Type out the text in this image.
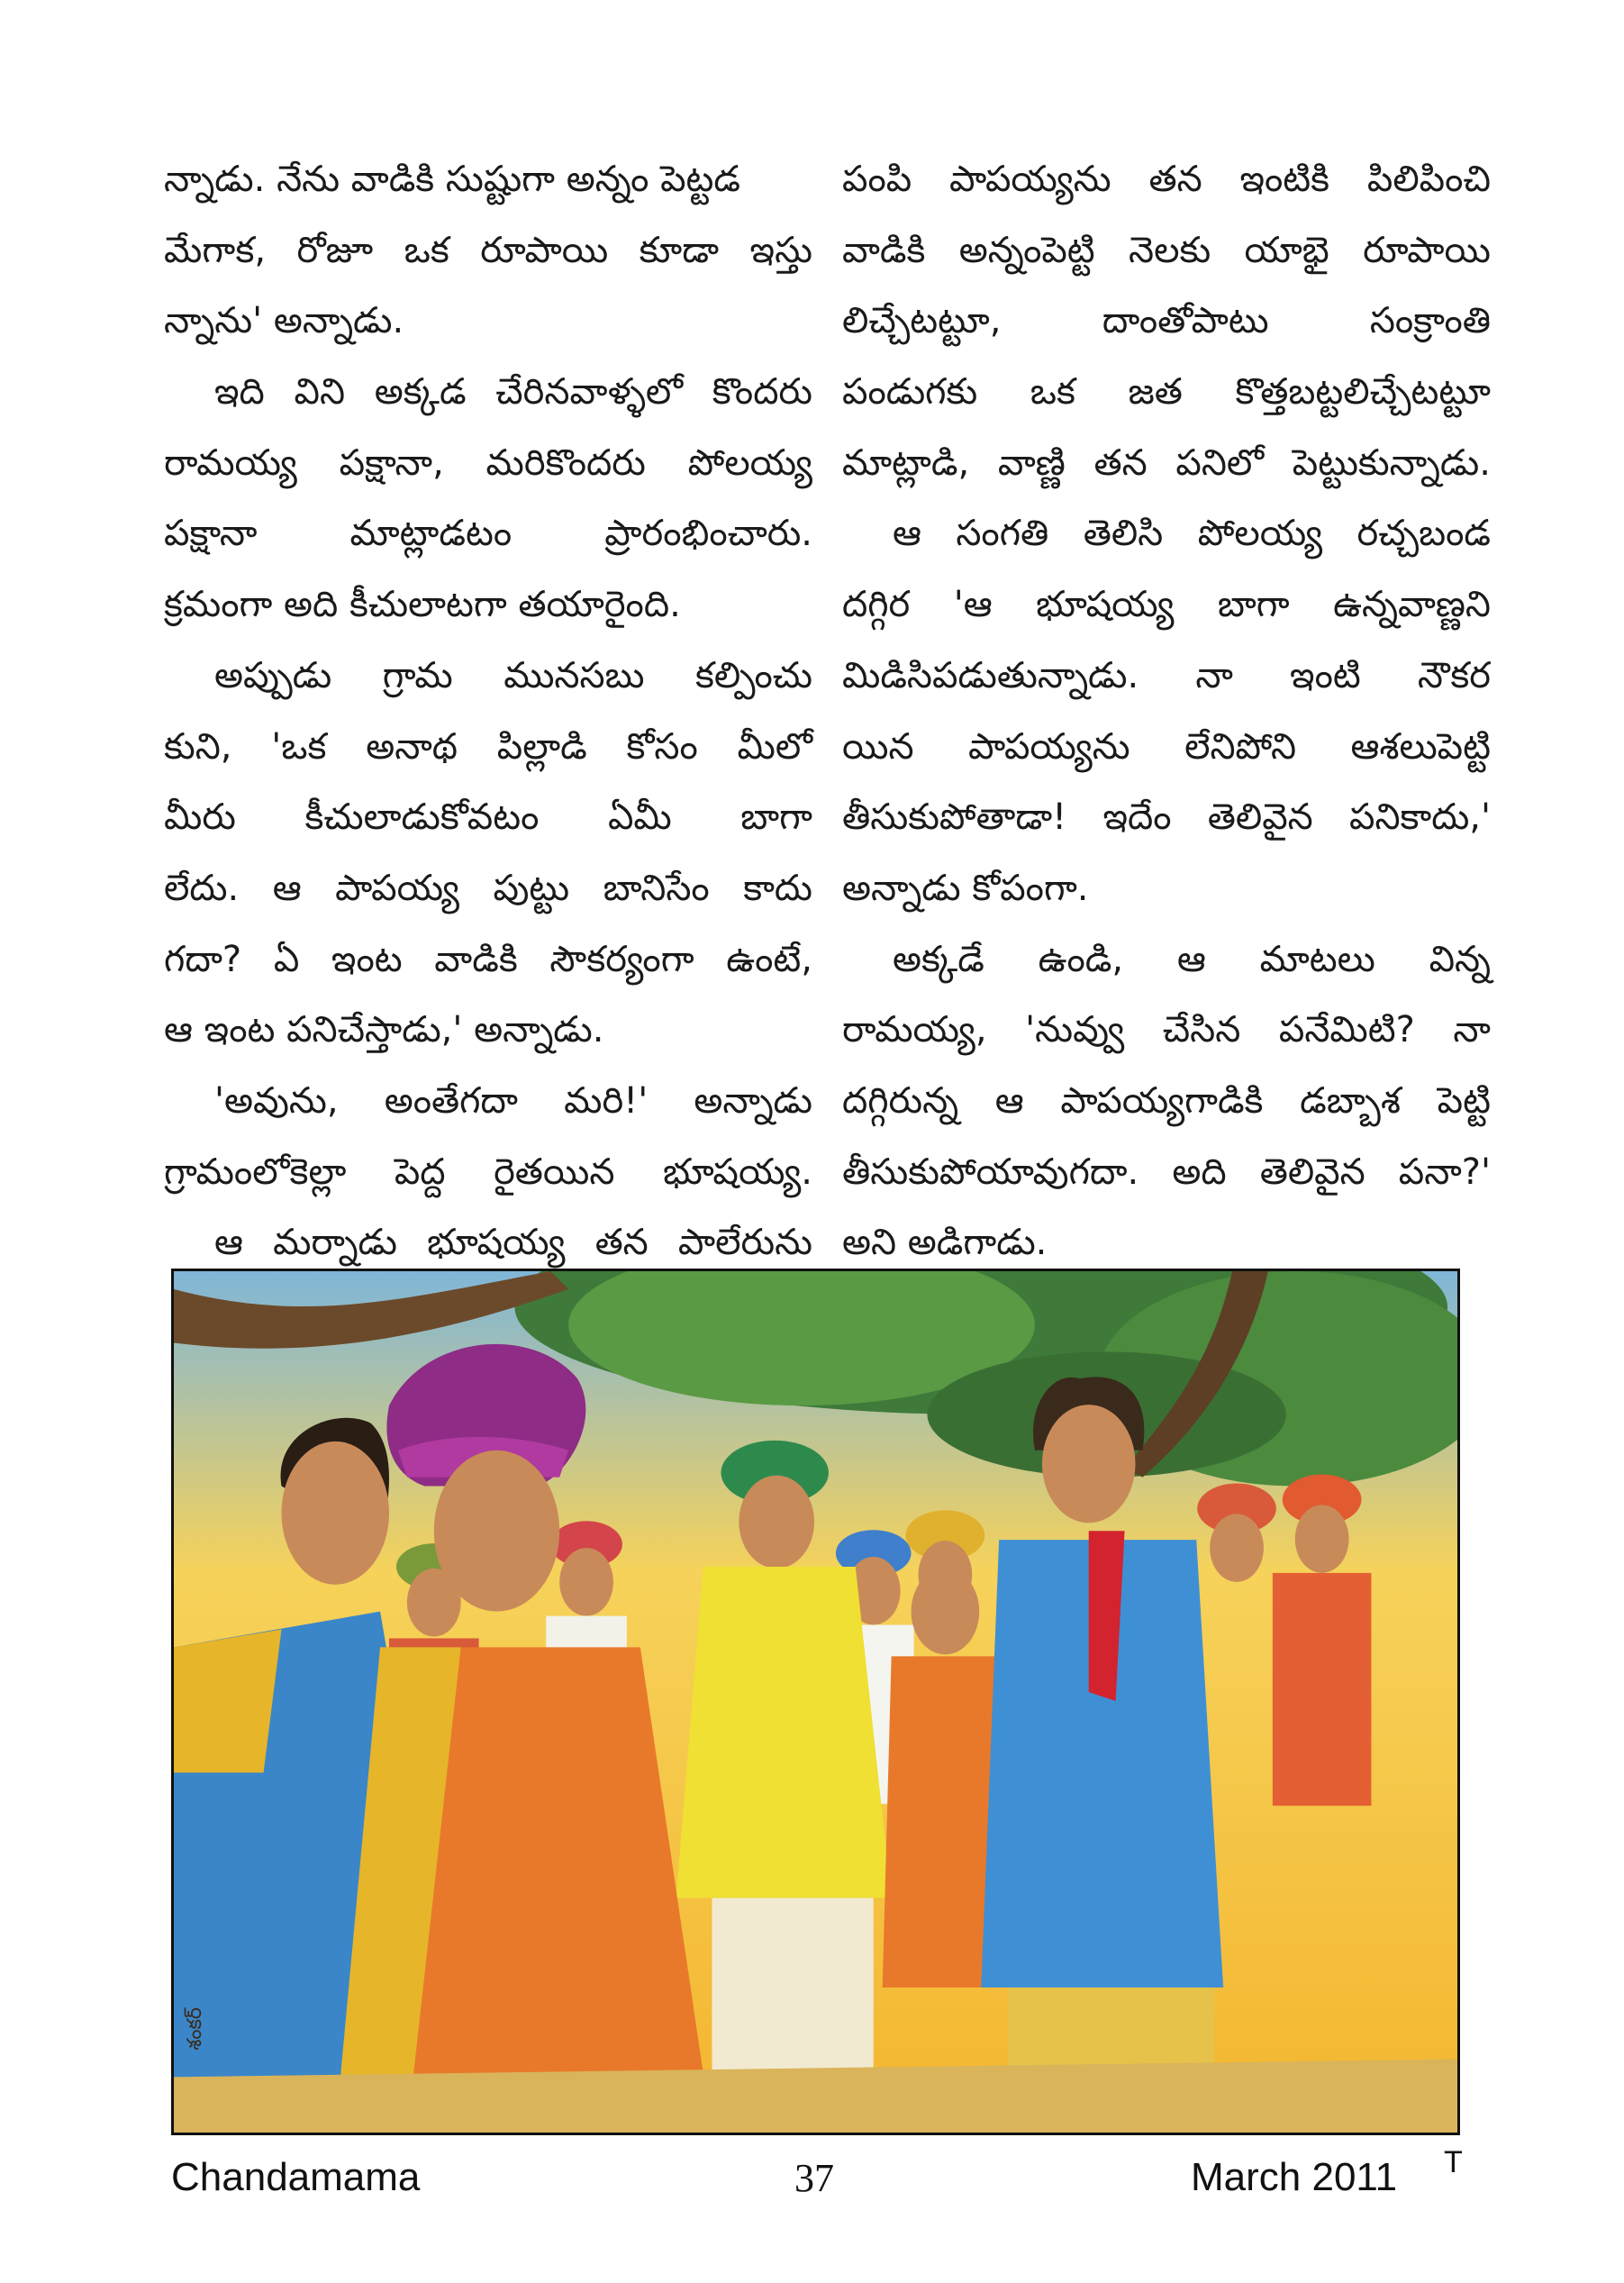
న్నాడు. నేను వాడికి సుష్టుగా అన్నం పెట్టడ
మేగాక, రోజూ ఒక రూపాయి కూడా ఇస్తు
న్నాను' అన్నాడు.
ఇది విని అక్కడ చేరినవాళ్ళలో కొందరు
రామయ్య పక్షానా, మరికొందరు పోలయ్య
పక్షానా మాట్లాడటం ప్రారంభించారు.
క్రమంగా అది కీచులాటగా తయారైంది.
అప్పుడు గ్రామ మునసబు కల్పించు
కుని, 'ఒక అనాథ పిల్లాడి కోసం మీలో
మీరు కీచులాడుకోవటం ఏమీ బాగా
లేదు. ఆ పాపయ్య పుట్టు బానిసేం కాదు
గదా? ఏ ఇంట వాడికి సౌకర్యంగా ఉంటే,
ఆ ఇంట పనిచేస్తాడు,' అన్నాడు.
'అవును, అంతేగదా మరి!' అన్నాడు
గ్రామంలోకెల్లా పెద్ద రైతయిన భూషయ్య.
ఆ మర్నాడు భూషయ్య తన పాలేరును
పంపి పాపయ్యను తన ఇంటికి పిలిపించి
వాడికి అన్నంపెట్టి నెలకు యాభై రూపాయి
లిచ్చేటట్టూ, దాంతోపాటు సంక్రాంతి
పండుగకు ఒక జత కొత్తబట్టలిచ్చేటట్టూ
మాట్లాడి, వాణ్ణి తన పనిలో పెట్టుకున్నాడు.
ఆ సంగతి తెలిసి పోలయ్య రచ్చబండ
దగ్గిర 'ఆ భూషయ్య బాగా ఉన్నవాణ్ణని
మిడిసిపడుతున్నాడు. నా ఇంటి నౌకర
యిన పాపయ్యను లేనిపోని ఆశలుపెట్టి
తీసుకుపోతాడా! ఇదేం తెలివైన పనికాదు,'
అన్నాడు కోపంగా.
అక్కడే ఉండి, ఆ మాటలు విన్న
రామయ్య, 'నువ్వు చేసిన పనేమిటి? నా
దగ్గిరున్న ఆ పాపయ్యగాడికి డబ్బాశ పెట్టి
తీసుకుపోయావుగదా. అది తెలివైన పనా?'
అని అడిగాడు.
శంకర్
Chandamama	37	March 2011 T
